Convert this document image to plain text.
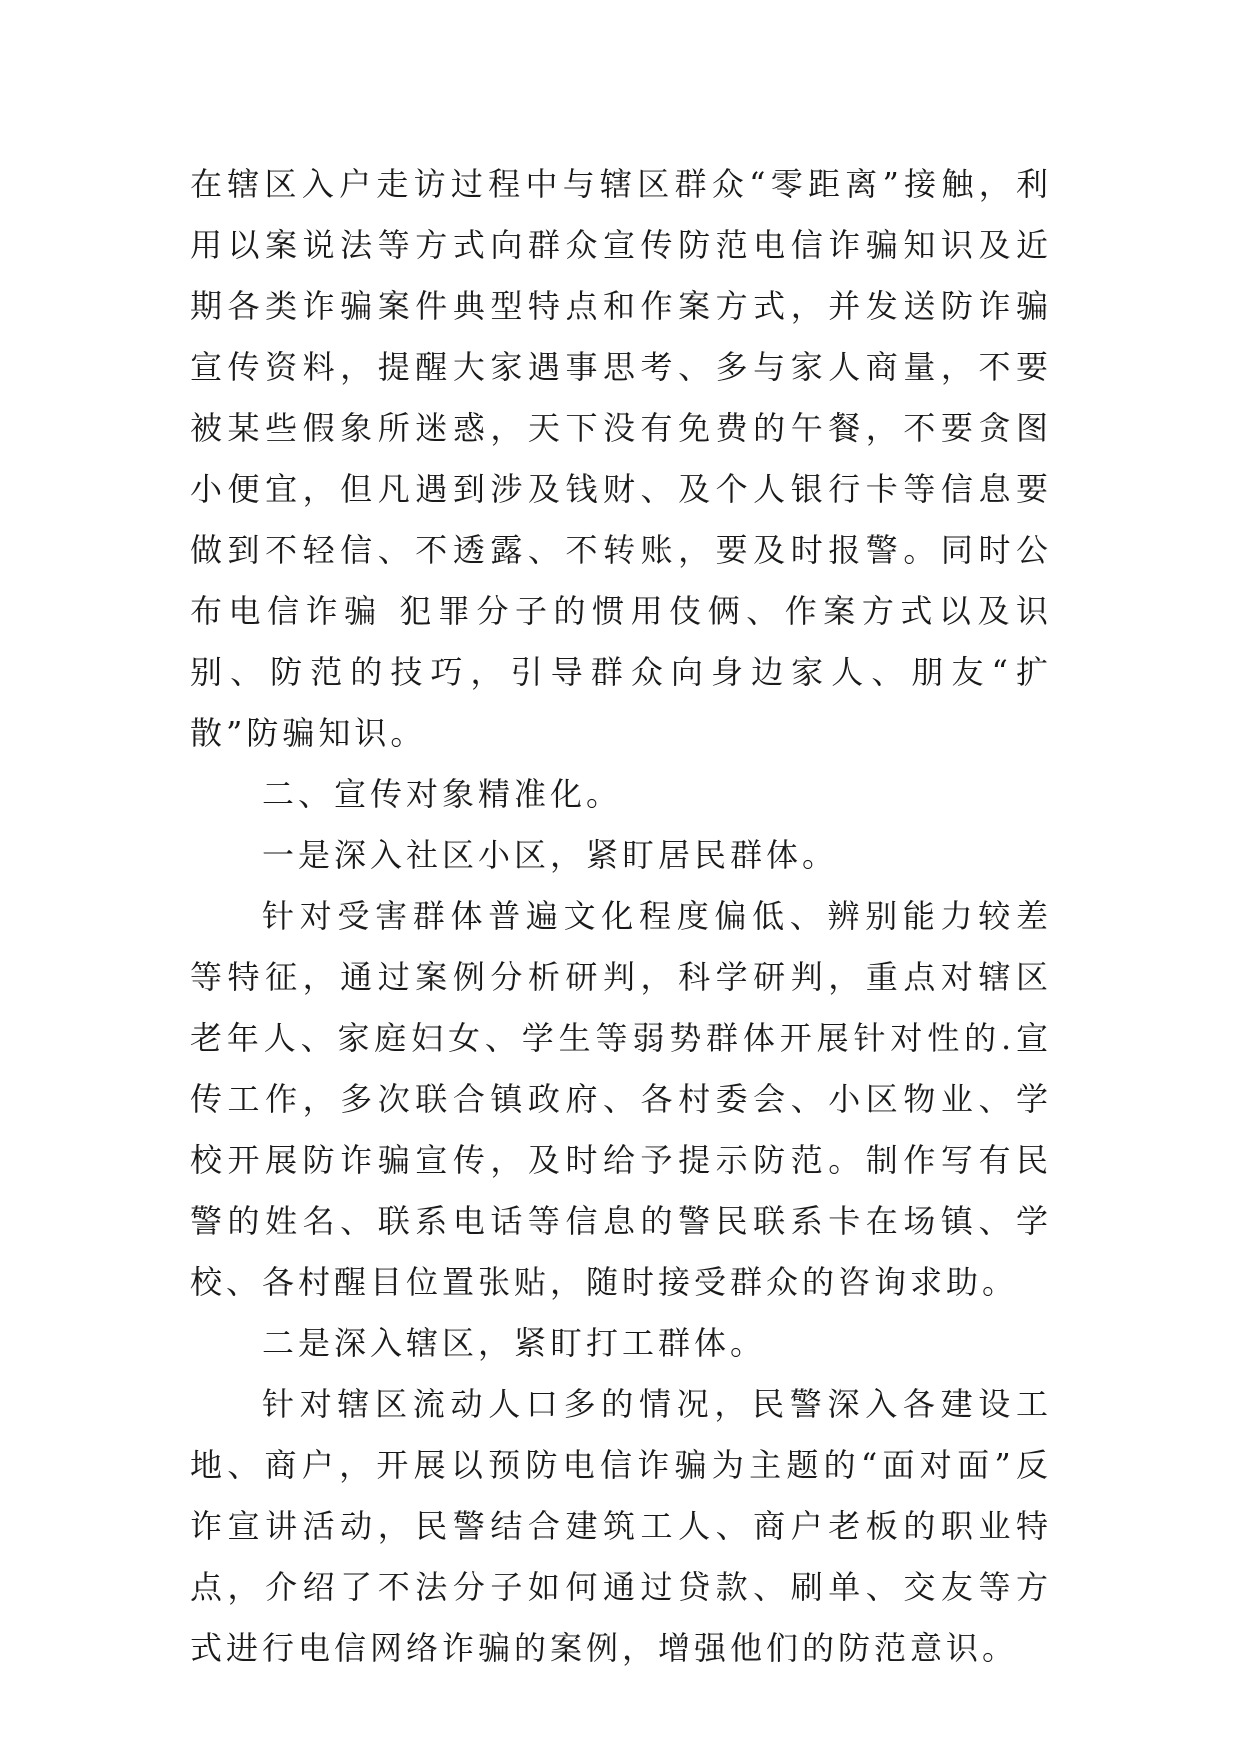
在辖区入户走访过程中与辖区群众“零距离”接触，利用以案说法等方式向群众宣传防范电信诈骗知识及近期各类诈骗案件典型特点和作案方式，并发送防诈骗宣传资料，提醒大家遇事思考、多与家人商量，不要被某些假象所迷惑，天下没有免费的午餐，不要贪图小便宜，但凡遇到涉及钱财、及个人银行卡等信息要做到不轻信、不透露、不转账，要及时报警。同时公布电信诈骗 犯罪分子的惯用伎俩、作案方式以及识别、防范的技巧，引导群众向身边家人、朋友“扩散”防骗知识。

二、宣传对象精准化。

一是深入社区小区，紧盯居民群体。

针对受害群体普遍文化程度偏低、辨别能力较差等特征，通过案例分析研判，科学研判，重点对辖区老年人、家庭妇女、学生等弱势群体开展针对性的.宣传工作，多次联合镇政府、各村委会、小区物业、学校开展防诈骗宣传，及时给予提示防范。制作写有民警的姓名、联系电话等信息的警民联系卡在场镇、学校、各村醒目位置张贴，随时接受群众的咨询求助。

二是深入辖区，紧盯打工群体。

针对辖区流动人口多的情况，民警深入各建设工地、商户，开展以预防电信诈骗为主题的“面对面”反诈宣讲活动，民警结合建筑工人、商户老板的职业特点，介绍了不法分子如何通过贷款、刷单、交友等方式进行电信网络诈骗的案例，增强他们的防范意识。
